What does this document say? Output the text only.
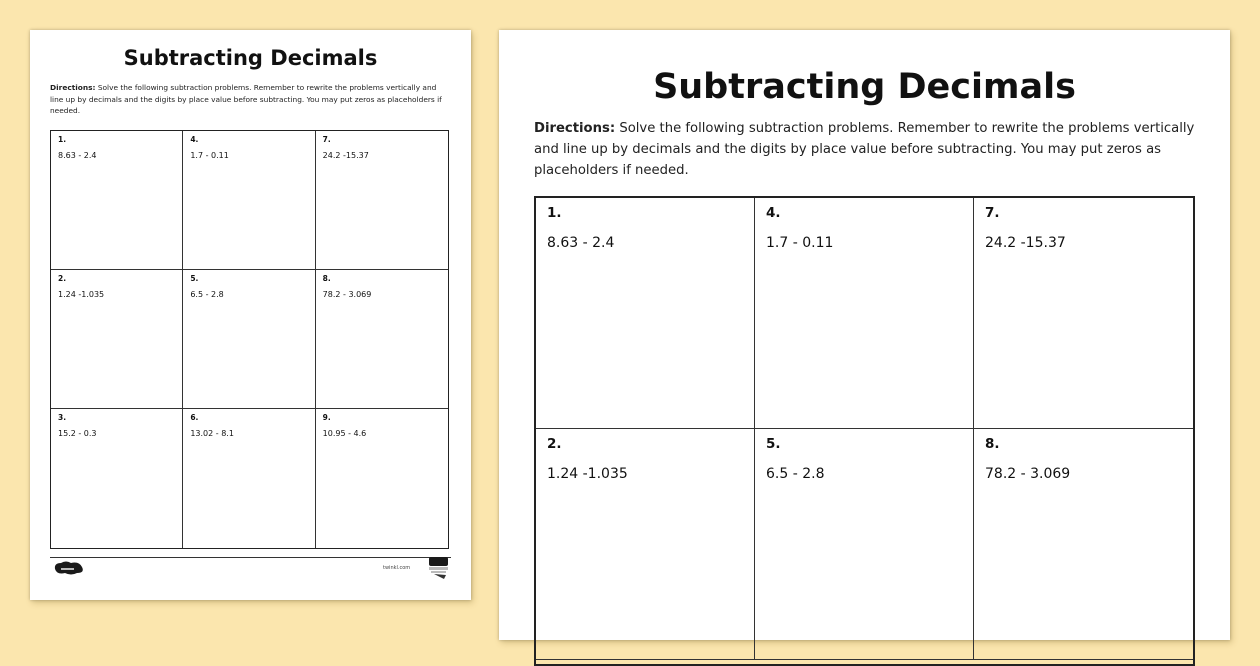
Subtracting Decimals
Directions: Solve the following subtraction problems. Remember to rewrite the problems vertically and line up by decimals and the digits by place value before subtracting. You may put zeros as placeholders if needed.
1.
8.63 - 2.4
4.
1.7 - 0.11
7.
24.2 -15.37
2.
1.24 -1.035
5.
6.5 - 2.8
8.
78.2 - 3.069
3.
15.2 - 0.3
6.
13.02 - 8.1
9.
10.95 - 4.6
twinkl.com
Subtracting Decimals
Directions: Solve the following subtraction problems. Remember to rewrite the problems vertically and line up by decimals and the digits by place value before subtracting. You may put zeros as placeholders if needed.
1.
8.63 - 2.4
4.
1.7 - 0.11
7.
24.2 -15.37
2.
1.24 -1.035
5.
6.5 - 2.8
8.
78.2 - 3.069
